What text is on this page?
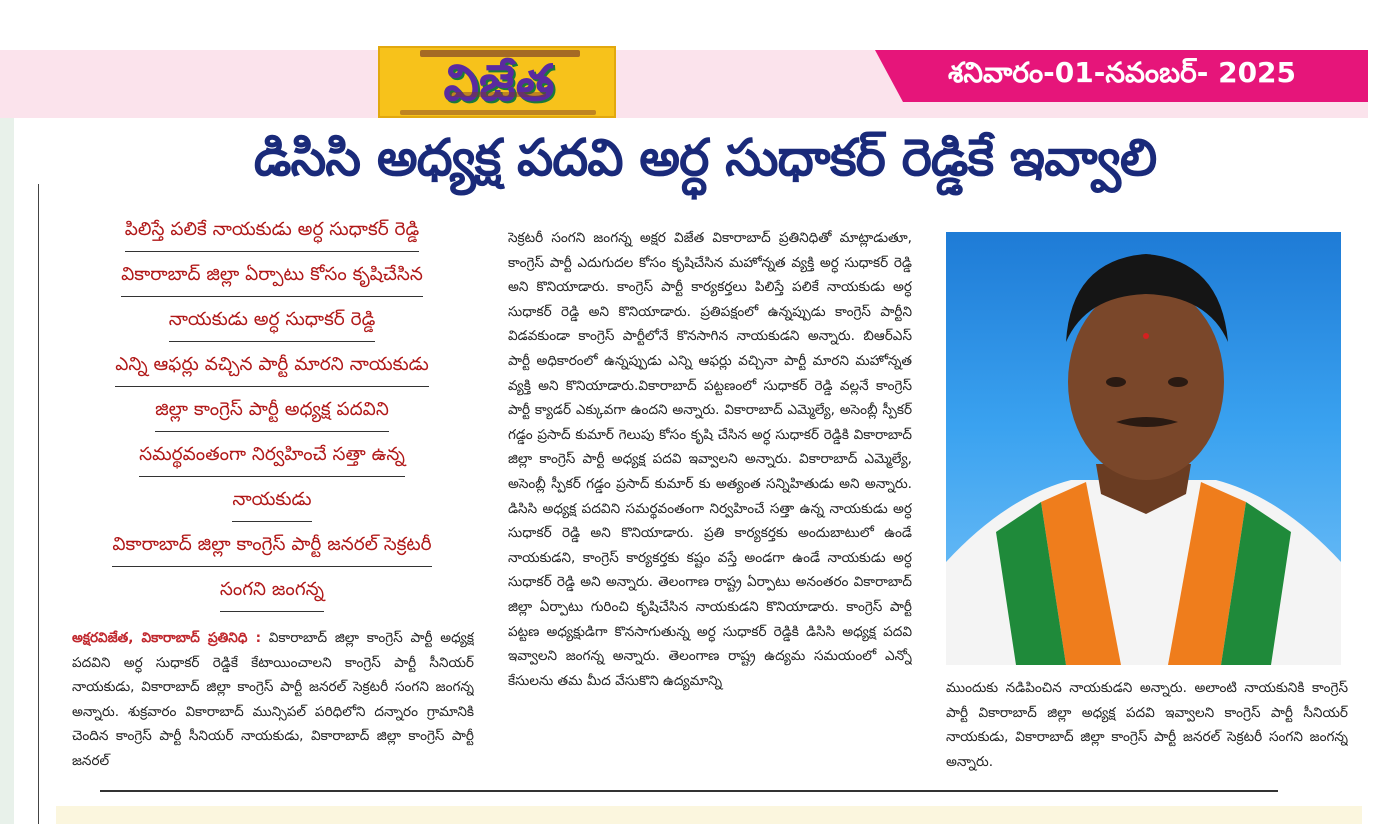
శనివారం-01-నవంబర్- 2025
విజేత
డిసిసి అధ్యక్ష పదవి అర్ధ సుధాకర్ రెడ్డికే ఇవ్వాలి
పిలిస్తే పలికే నాయకుడు అర్ధ సుధాకర్ రెడ్డి
వికారాబాద్ జిల్లా ఏర్పాటు కోసం కృషిచేసిన
నాయకుడు అర్ధ సుధాకర్ రెడ్డి
ఎన్ని ఆఫర్లు వచ్చిన పార్టీ మారని నాయకుడు
జిల్లా కాంగ్రెస్ పార్టీ అధ్యక్ష పదవిని
సమర్థవంతంగా నిర్వహించే సత్తా ఉన్న
నాయకుడు
వికారాబాద్ జిల్లా కాంగ్రెస్ పార్టీ జనరల్ సెక్రటరీ
సంగని జంగన్న
అక్షరవిజేత, వికారాబాద్ ప్రతినిధి : వికారాబాద్ జిల్లా కాంగ్రెస్ పార్టీ అధ్యక్ష పదవిని అర్ధ సుధాకర్ రెడ్డికే కేటాయించాలని కాంగ్రెస్ పార్టీ సీనియర్ నాయకుడు, వికారాబాద్ జిల్లా కాంగ్రెస్ పార్టీ జనరల్ సెక్రటరీ సంగని జంగన్న అన్నారు. శుక్రవారం వికారాబాద్ మున్సిపల్ పరిధిలోని దన్నారం గ్రామానికి చెందిన కాంగ్రెస్ పార్టీ సీనియర్ నాయకుడు, వికారాబాద్ జిల్లా కాంగ్రెస్ పార్టీ జనరల్
సెక్రటరీ సంగని జంగన్న అక్షర విజేత వికారాబాద్ ప్రతినిధితో మాట్లాడుతూ, కాంగ్రెస్ పార్టీ ఎదుగుదల కోసం కృషిచేసిన మహోన్నత వ్యక్తి అర్ధ సుధాకర్ రెడ్డి అని కొనియాడారు. కాంగ్రెస్ పార్టీ కార్యకర్తలు పిలిస్తే పలికే నాయకుడు అర్ధ సుధాకర్ రెడ్డి అని కొనియాడారు. ప్రతిపక్షంలో ఉన్నప్పుడు కాంగ్రెస్ పార్టీని విడవకుండా కాంగ్రెస్ పార్టీలోనే కొనసాగిన నాయకుడని అన్నారు. బిఆర్ఎస్ పార్టీ అధికారంలో ఉన్నప్పుడు ఎన్ని ఆఫర్లు వచ్చినా పార్టీ మారని మహోన్నత వ్యక్తి అని కొనియాడారు.వికారాబాద్ పట్టణంలో సుధాకర్ రెడ్డి వల్లనే కాంగ్రెస్ పార్టీ క్యాడర్ ఎక్కువగా ఉందని అన్నారు. వికారాబాద్ ఎమ్మెల్యే, అసెంబ్లీ స్పీకర్ గడ్డం ప్రసాద్ కుమార్ గెలుపు కోసం కృషి చేసిన అర్ధ సుధాకర్ రెడ్డికి వికారాబాద్ జిల్లా కాంగ్రెస్ పార్టీ అధ్యక్ష పదవి ఇవ్వాలని అన్నారు. వికారాబాద్ ఎమ్మెల్యే, అసెంబ్లీ స్పీకర్ గడ్డం ప్రసాద్ కుమార్ కు అత్యంత సన్నిహితుడు అని అన్నారు. డిసిసి అధ్యక్ష పదవిని సమర్థవంతంగా నిర్వహించే సత్తా ఉన్న నాయకుడు అర్ధ సుధాకర్ రెడ్డి అని కొనియాడారు. ప్రతి కార్యకర్తకు అందుబాటులో ఉండే నాయకుడని, కాంగ్రెస్ కార్యకర్తకు కష్టం వస్తే అండగా ఉండే నాయకుడు అర్ధ సుధాకర్ రెడ్డి అని అన్నారు. తెలంగాణ రాష్ట్ర ఏర్పాటు అనంతరం వికారాబాద్ జిల్లా ఏర్పాటు గురించి కృషిచేసిన నాయకుడని కొనియాడారు. కాంగ్రెస్ పార్టీ పట్టణ అధ్యక్షుడిగా కొనసాగుతున్న అర్ధ సుధాకర్ రెడ్డికి డిసిసి అధ్యక్ష పదవి ఇవ్వాలని జంగన్న అన్నారు. తెలంగాణ రాష్ట్ర ఉద్యమ సమయంలో ఎన్నో కేసులను తమ మీద వేసుకొని ఉద్యమాన్ని	ముందుకు నడిపించిన నాయకుడని అన్నారు. అలాంటి నాయకునికి కాంగ్రెస్ పార్టీ వికారాబాద్ జిల్లా అధ్యక్ష పదవి ఇవ్వాలని కాంగ్రెస్ పార్టీ సీనియర్ నాయకుడు, వికారాబాద్ జిల్లా కాంగ్రెస్ పార్టీ జనరల్ సెక్రటరీ సంగని జంగన్న అన్నారు.
